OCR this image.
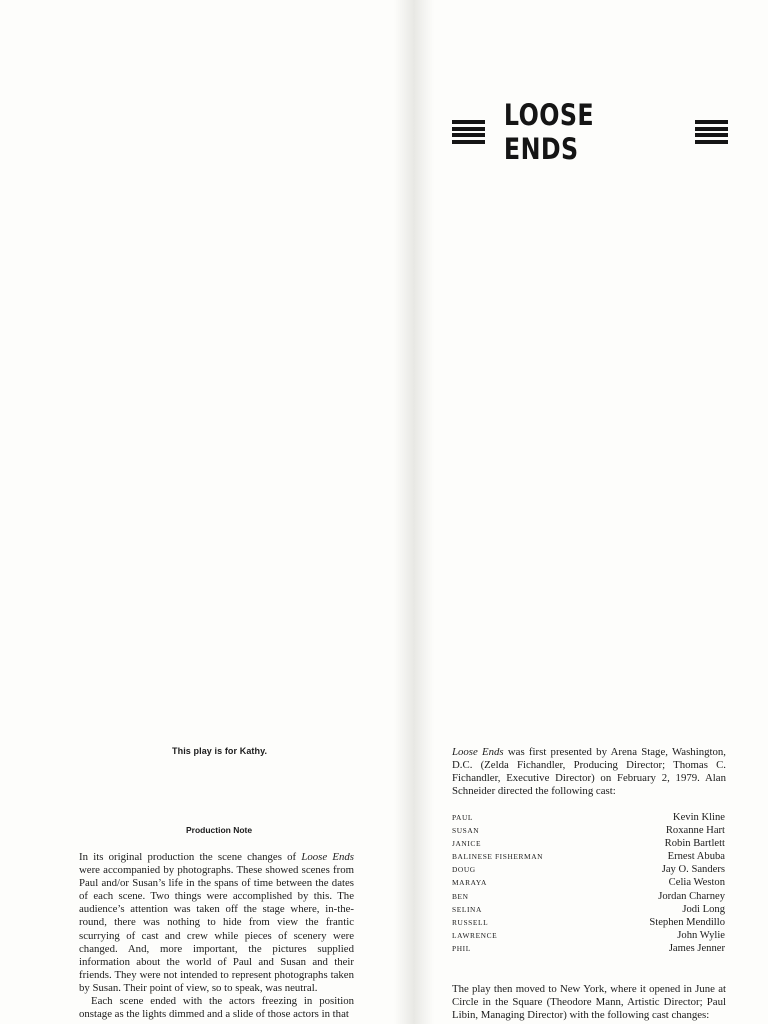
This play is for Kathy.
Production Note

In its original production the scene changes of Loose Ends were accompanied by photographs. These showed scenes from Paul and/or Susan’s life in the spans of time between the dates of each scene. Two things were accomplished by this. The audience’s attention was taken off the stage where, in-the-round, there was nothing to hide from view the frantic scurrying of cast and crew while pieces of scenery were changed. And, more important, the pictures supplied information about the world of Paul and Susan and their friends. They were not intended to represent photographs taken by Susan. Their point of view, so to speak, was neutral.

Each scene ended with the actors freezing in position onstage as the lights dimmed and a slide of those actors in that

LOOSE ENDS

Loose Ends was first presented by Arena Stage, Washington, D.C. (Zelda Fichandler, Producing Director; Thomas C. Fichandler, Executive Director) on February 2, 1979. Alan Schneider directed the following cast:

PAUL	Kevin Kline
SUSAN	Roxanne Hart
JANICE	Robin Bartlett
BALINESE FISHERMAN	Ernest Abuba
DOUG	Jay O. Sanders
MARAYA	Celia Weston
BEN	Jordan Charney
SELINA	Jodi Long
RUSSELL	Stephen Mendillo
LAWRENCE	John Wylie
PHIL	James Jenner

The play then moved to New York, where it opened in June at Circle in the Square (Theodore Mann, Artistic Director; Paul Libin, Managing Director) with the following cast changes:
